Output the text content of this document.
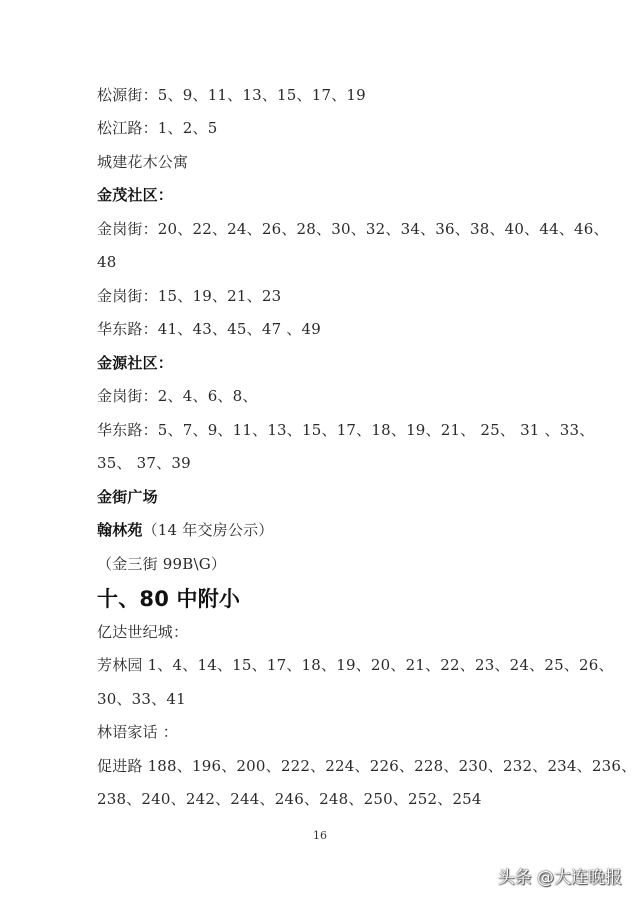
松源街：5、9、11、13、15、17、19
松江路：1、2、5
城建花木公寓
金茂社区：
金岗街：20、22、24、26、28、30、32、34、36、38、40、44、46、
48
金岗街：15、19、21、23
华东路：41、43、45、47 、49
金源社区：
金岗街：2、4、6、8、
华东路：5、7、9、11、13、15、17、18、19、21、 25、 31 、33、
35、 37、39
金街广场
翰林苑（14 年交房公示）
（金三街 99B\G）
十、80 中附小
亿达世纪城：
芳林园 1、4、14、15、17、18、19、20、21、22、23、24、25、26、
30、33、41
林语家话 ：
促进路 188、196、200、222、224、226、228、230、232、234、236、
238、240、242、244、246、248、250、252、254
16
头条 @大连晚报
